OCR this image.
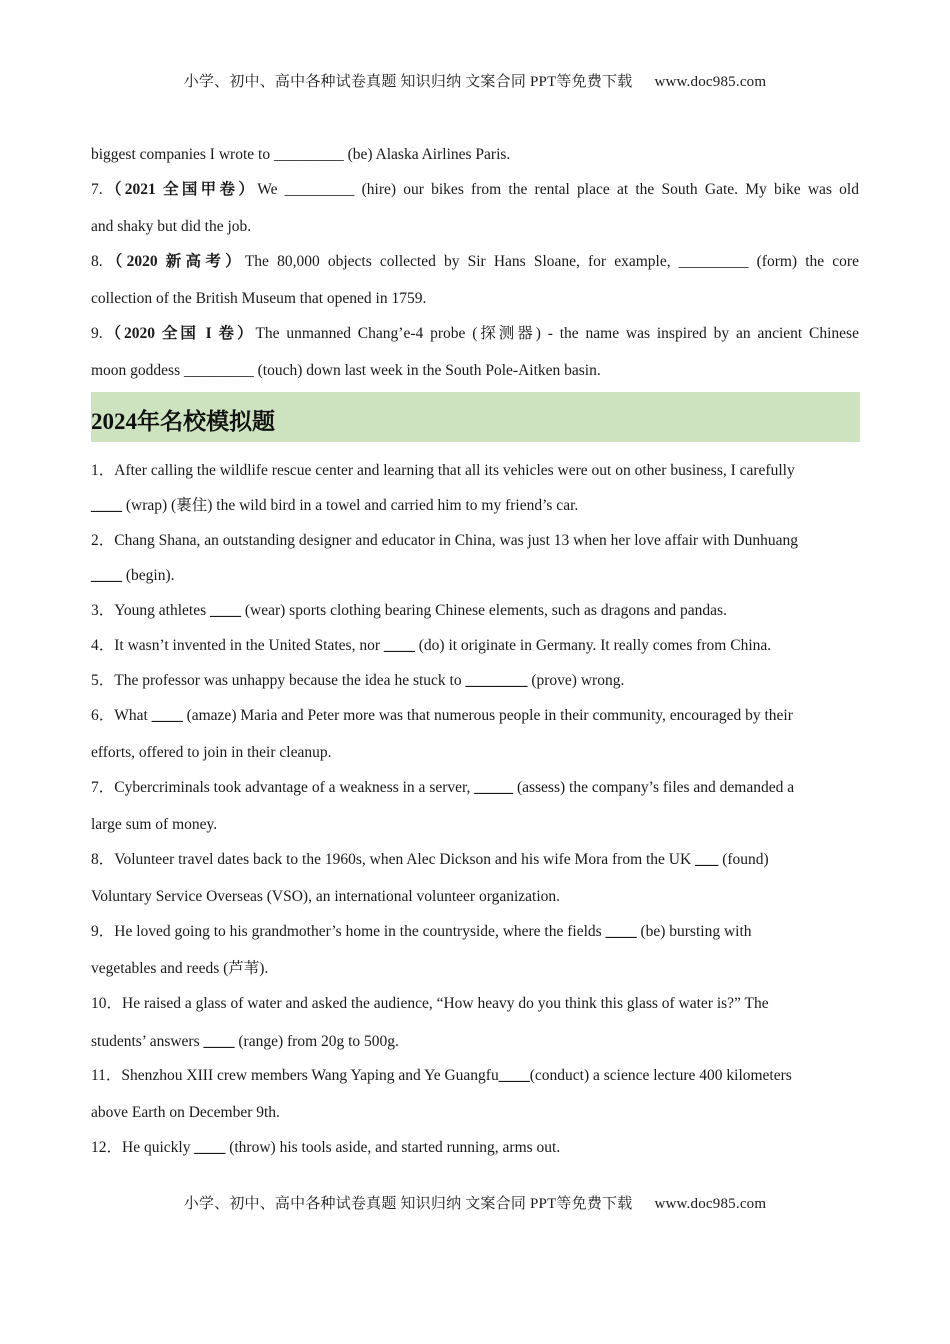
小学、初中、高中各种试卷真题 知识归纳 文案合同 PPT等免费下载 www.doc985.com
biggest companies I wrote to _________ (be) Alaska Airlines Paris.
7.（2021 全国甲卷）We _________ (hire) our bikes from the rental place at the South Gate. My bike was old
and shaky but did the job.
8.（2020 新高考）The 80,000 objects collected by Sir Hans Sloane, for example, _________ (form) the core
collection of the British Museum that opened in 1759.
9.（2020 全国 I 卷）The unmanned Chang’e-4 probe (探测器) - the name was inspired by an ancient Chinese
moon goddess _________ (touch) down last week in the South Pole-Aitken basin.
2024年名校模拟题
1．After calling the wildlife rescue center and learning that all its vehicles were out on other business, I carefully
____ (wrap) (裹住) the wild bird in a towel and carried him to my friend’s car.
2．Chang Shana, an outstanding designer and educator in China, was just 13 when her love affair with Dunhuang
____ (begin).
3．Young athletes ____ (wear) sports clothing bearing Chinese elements, such as dragons and pandas.
4．It wasn’t invented in the United States, nor ____ (do) it originate in Germany. It really comes from China.
5．The professor was unhappy because the idea he stuck to ________ (prove) wrong.
6．What ____ (amaze) Maria and Peter more was that numerous people in their community, encouraged by their
efforts, offered to join in their cleanup.
7．Cybercriminals took advantage of a weakness in a server, _____ (assess) the company’s files and demanded a
large sum of money.
8．Volunteer travel dates back to the 1960s, when Alec Dickson and his wife Mora from the UK ___ (found)
Voluntary Service Overseas (VSO), an international volunteer organization.
9．He loved going to his grandmother’s home in the countryside, where the fields ____ (be) bursting with
vegetables and reeds (芦苇).
10．He raised a glass of water and asked the audience, “How heavy do you think this glass of water is?” The
students’ answers ____ (range) from 20g to 500g.
11．Shenzhou XIII crew members Wang Yaping and Ye Guangfu____(conduct) a science lecture 400 kilometers
above Earth on December 9th.
12．He quickly ____ (throw) his tools aside, and started running, arms out.
小学、初中、高中各种试卷真题 知识归纳 文案合同 PPT等免费下载 www.doc985.com
